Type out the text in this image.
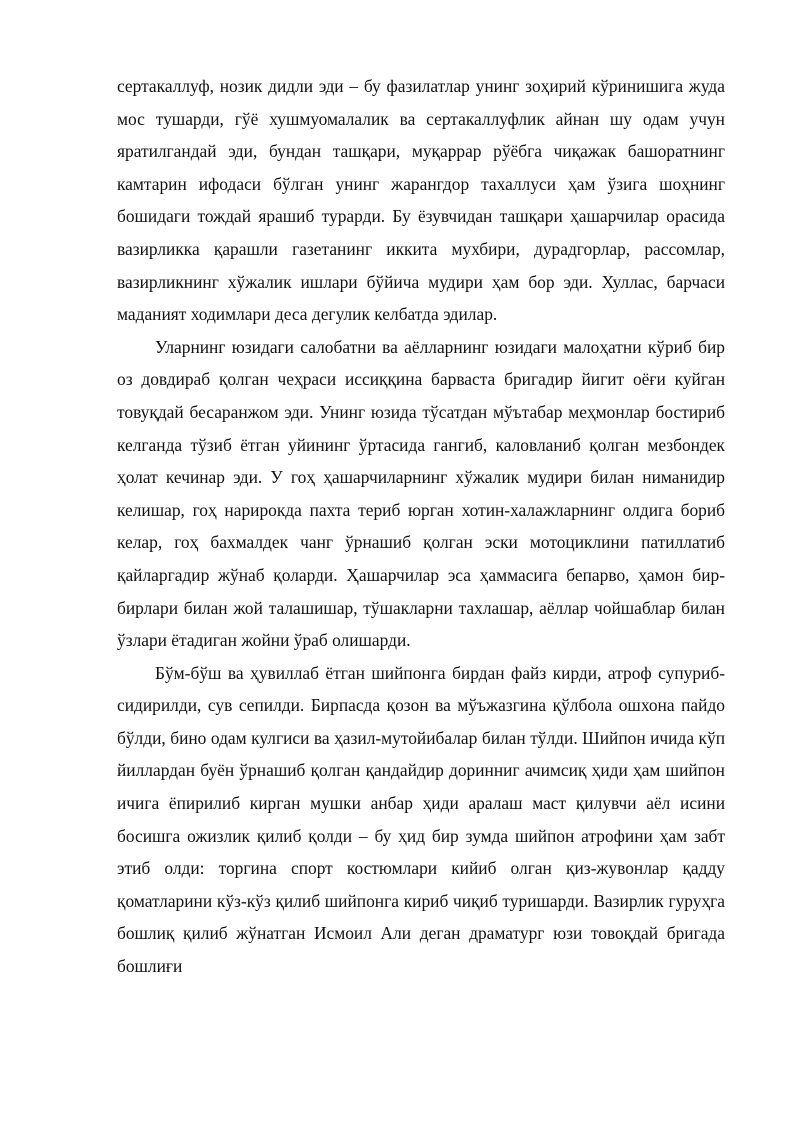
сертакаллуф, нозик дидли эди – бу фазилатлар унинг зоҳирий кўринишига жуда мос тушарди, гўё хушмуомалалик ва сертакаллуфлик айнан шу одам учун яратилгандай эди, бундан ташқари, муқаррар рўёбга чиқажак башоратнинг камтарин ифодаси бўлган унинг жарангдор тахаллуси ҳам ўзига шоҳнинг бошидаги тождай ярашиб турарди. Бу ёзувчидан ташқари ҳашарчилар орасида вазирликка қарашли газетанинг иккита мухбири, дурадгорлар, рассомлар, вазирликнинг хўжалик ишлари бўйича мудири ҳам бор эди. Хуллас, барчаси маданият ходимлари деса дегулик келбатда эдилар.

Уларнинг юзидаги салобатни ва аёлларнинг юзидаги малоҳатни кўриб бир оз довдираб қолган чеҳраси иссиққина барваста бригадир йигит оёғи куйган товуқдай бесаранжом эди. Унинг юзида тўсатдан мўътабар меҳмонлар бостириб келганда тўзиб ётган уйининг ўртасида гангиб, каловланиб қолган мезбондек ҳолат кечинар эди. У гоҳ ҳашарчиларнинг хўжалик мудири билан ниманидир келишар, гоҳ нарирокда пахта териб юрган хотин-халажларнинг олдига бориб келар, гоҳ бахмалдек чанг ўрнашиб қолган эски мотоциклини патиллатиб қайларгадир жўнаб қоларди. Ҳашарчилар эса ҳаммасига бепарво, ҳамон бир-бирлари билан жой талашишар, тўшакларни тахлашар, аёллар чойшаблар билан ўзлари ётадиган жойни ўраб олишарди.

Бўм-бўш ва ҳувиллаб ётган шийпонга бирдан файз кирди, атроф супуриб-сидирилди, сув сепилди. Бирпасда қозон ва мўъжазгина қўлбола ошхона пайдо бўлди, бино одам кулгиси ва ҳазил-мутойибалар билан тўлди. Шийпон ичида кўп йиллардан буён ўрнашиб қолган қандайдир доринниг ачимсиқ ҳиди ҳам шийпон ичига ёпирилиб кирган мушки анбар ҳиди аралаш маст қилувчи аёл исини босишга ожизлик қилиб қолди – бу ҳид бир зумда шийпон атрофини ҳам забт этиб олди: торгина спорт костюмлари кийиб олган қиз-жувонлар қадду қоматларини кўз-кўз қилиб шийпонга кириб чиқиб туришарди. Вазирлик гуруҳга бошлиқ қилиб жўнатган Исмоил Али деган драматург юзи товоқдай бригада бошлиғи
